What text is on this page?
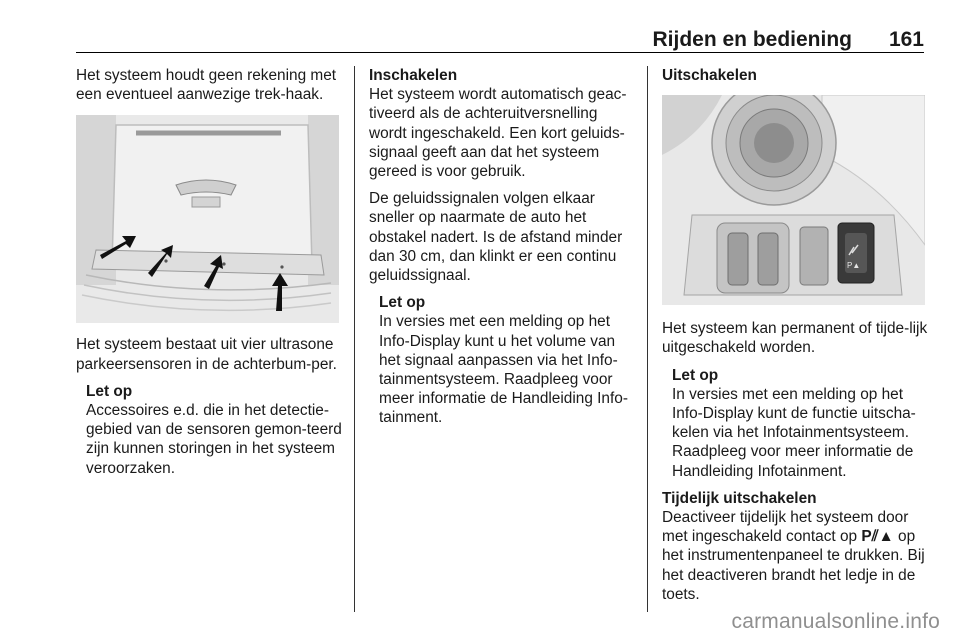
Rijden en bediening 161

Het systeem houdt geen rekening met een eventueel aanwezige trek-haak.

Het systeem bestaat uit vier ultrasone parkeersensoren in de achterbum-per.

Let op

Accessoires e.d. die in het detectie-gebied van de sensoren gemon-teerd zijn kunnen storingen in het systeem veroorzaken.

Inschakelen

Het systeem wordt automatisch geac-tiveerd als de achteruitversnelling wordt ingeschakeld. Een kort geluids-signaal geeft aan dat het systeem gereed is voor gebruik.

De geluidssignalen volgen elkaar sneller op naarmate de auto het obstakel nadert. Is de afstand minder dan 30 cm, dan klinkt er een continu geluidssignaal.

Let op

In versies met een melding op het Info-Display kunt u het volume van het signaal aanpassen via het Info-tainmentsysteem. Raadpleeg voor meer informatie de Handleiding Info-tainment.

Uitschakelen

P▲

Het systeem kan permanent of tijde-lijk uitgeschakeld worden.

Let op

In versies met een melding op het Info-Display kunt de functie uitscha-kelen via het Infotainmentsysteem. Raadpleeg voor meer informatie de Handleiding Infotainment.

Tijdelijk uitschakelen

Deactiveer tijdelijk het systeem door met ingeschakeld contact op P⫽▲ op het instrumentenpaneel te drukken. Bij het deactiveren brandt het ledje in de toets.

carmanualsonline.info
